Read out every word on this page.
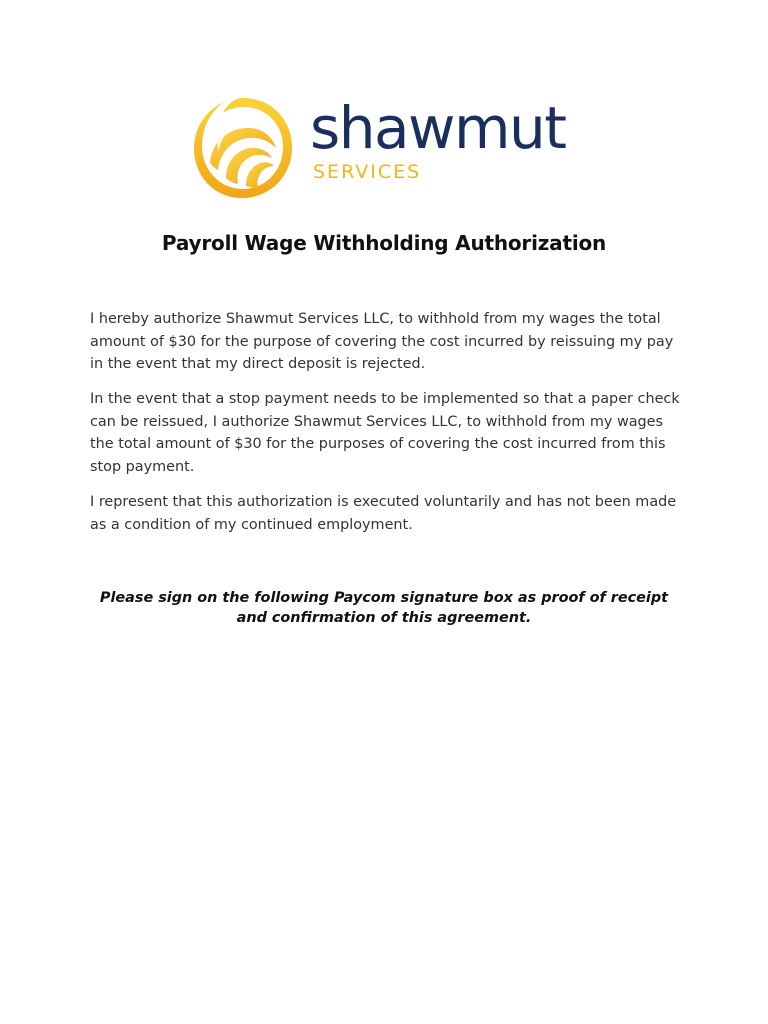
shawmut
SERVICES
Payroll Wage Withholding Authorization

I hereby authorize Shawmut Services LLC, to withhold from my wages the total amount of $30 for the purpose of covering the cost incurred by reissuing my pay in the event that my direct deposit is rejected.

In the event that a stop payment needs to be implemented so that a paper check can be reissued, I authorize Shawmut Services LLC, to withhold from my wages the total amount of $30 for the purposes of covering the cost incurred from this stop payment.

I represent that this authorization is executed voluntarily and has not been made as a condition of my continued employment.

Please sign on the following Paycom signature box as proof of receipt and confirmation of this agreement.
